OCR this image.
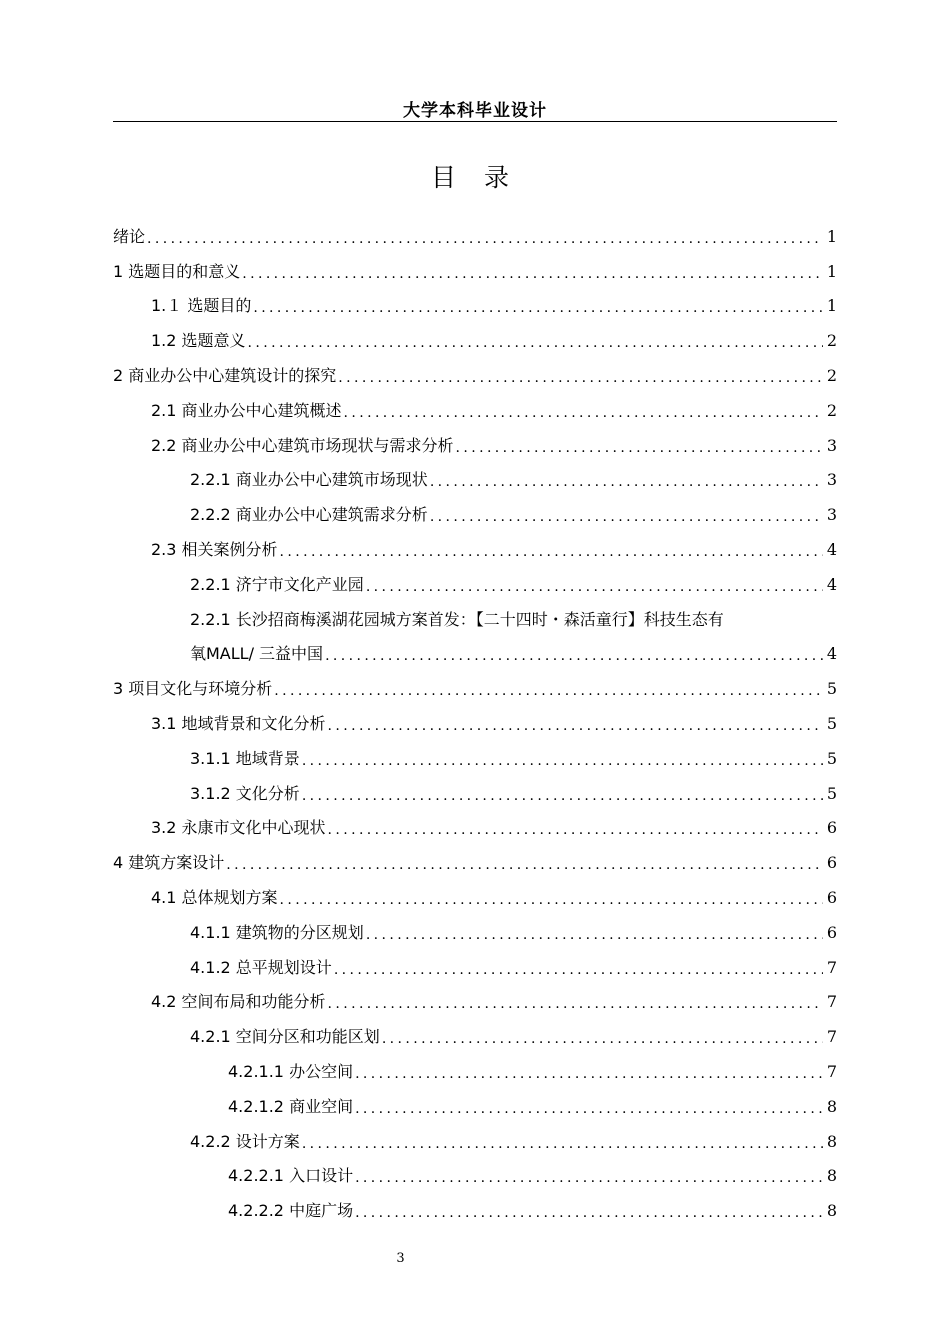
大学本科毕业设计
目 录
绪论 .....	1
1 选题目的和意义 .....	1
1.１ 选题目的 .....	1
1.2 选题意义 .....	2
2 商业办公中心建筑设计的探究 .....	2
2.1 商业办公中心建筑概述 .....	2
2.2 商业办公中心建筑市场现状与需求分析 .....	3
2.2.1 商业办公中心建筑市场现状 .....	3
2.2.2 商业办公中心建筑需求分析 .....	3
2.3 相关案例分析 .....	4
2.2.1 济宁市文化产业园 .....	4
2.2.1 长沙招商梅溪湖花园城方案首发：【二十四时・森活童行】科技生态有
氧MALL/ 三益中国 .....	4
3 项目文化与环境分析 .....	5
3.1 地域背景和文化分析 .....	5
3.1.1 地域背景 .....	5
3.1.2 文化分析 .....	5
3.2 永康市文化中心现状 .....	6
4 建筑方案设计 .....	6
4.1 总体规划方案 .....	6
4.1.1 建筑物的分区规划 .....	6
4.1.2 总平规划设计 .....	7
4.2 空间布局和功能分析 .....	7
4.2.1 空间分区和功能区划 .....	7
4.2.1.1 办公空间 .....	7
4.2.1.2 商业空间 .....	8
4.2.2 设计方案 .....	8
4.2.2.1 入口设计 .....	8
4.2.2.2 中庭广场 .....	8
3
